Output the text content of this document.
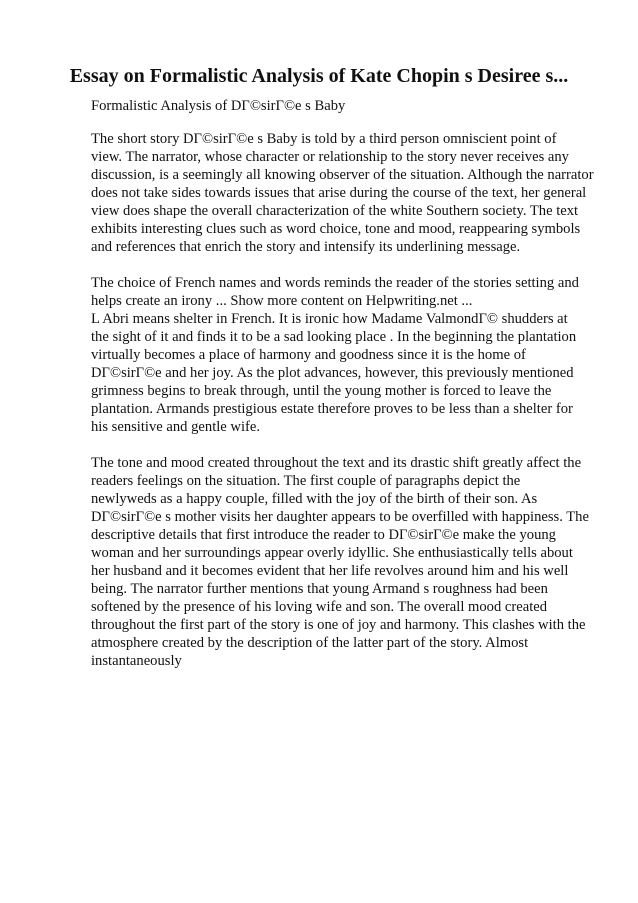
Essay on Formalistic Analysis of Kate Chopin s Desiree s...

Formalistic Analysis of DΓ©sirΓ©e s Baby

The short story DΓ©sirΓ©e s Baby is told by a third person omniscient point of
view. The narrator, whose character or relationship to the story never receives any
discussion, is a seemingly all knowing observer of the situation. Although the narrator
does not take sides towards issues that arise during the course of the text, her general
view does shape the overall characterization of the white Southern society. The text
exhibits interesting clues such as word choice, tone and mood, reappearing symbols
and references that enrich the story and intensify its underlining message.

The choice of French names and words reminds the reader of the stories setting and
helps create an irony ... Show more content on Helpwriting.net ...
L Abri means shelter in French. It is ironic how Madame ValmondΓ© shudders at
the sight of it and finds it to be a sad looking place . In the beginning the plantation
virtually becomes a place of harmony and goodness since it is the home of
DΓ©sirΓ©e and her joy. As the plot advances, however, this previously mentioned
grimness begins to break through, until the young mother is forced to leave the
plantation. Armands prestigious estate therefore proves to be less than a shelter for
his sensitive and gentle wife.

The tone and mood created throughout the text and its drastic shift greatly affect the
readers feelings on the situation. The first couple of paragraphs depict the
newlyweds as a happy couple, filled with the joy of the birth of their son. As
DΓ©sirΓ©e s mother visits her daughter appears to be overfilled with happiness. The
descriptive details that first introduce the reader to DΓ©sirΓ©e make the young
woman and her surroundings appear overly idyllic. She enthusiastically tells about
her husband and it becomes evident that her life revolves around him and his well
being. The narrator further mentions that young Armand s roughness had been
softened by the presence of his loving wife and son. The overall mood created
throughout the first part of the story is one of joy and harmony. This clashes with the
atmosphere created by the description of the latter part of the story. Almost
instantaneously
